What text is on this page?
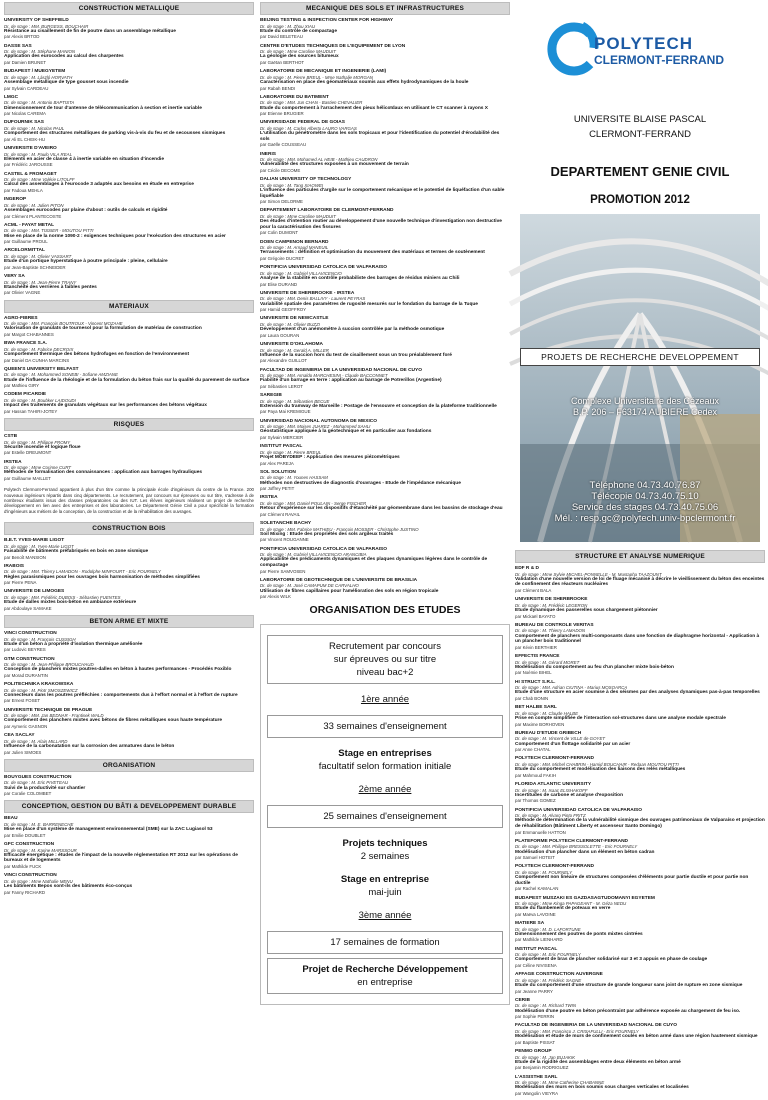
CONSTRUCTION METALLIQUE
UNIVERSITY OF SHEFFIELD
Dr. de stage : MM. BURGESS, BOUCHAIR
Résistance au cisaillement de fin de poutre dans un assemblage métallique
par Alexis BRTOD
DASSE SAS
Dr. de stage : M. Stéphane MANION
Application des eurocodes au calcul des charpentes
par Damien BRUNET
BUDAPEST / MUEGYETEM
Dr. de stage : M. László HORVATH
Assemblage métallique de type gousset sous incendie
par Sylvain CARDEAU
LMGC
Dr. de stage : M. Antonio BAPTISTA
Dimensionnement de tour d'antenne de télécommunication à section et inertie variable
par Nicolas CAREMA
DUFOURNIK SAS
Dr. de stage : M. Nicolas PAUL
Comportement des structures métalliques de parking vis-à-vis du feu et de secousses sismiques
par Ali EL CHEIK-HU
UNIVERSITE D'AVEIRO
Dr. de stage : M. Paulo VILA REAL
Eléments en acier de classe 4 à inertie variable en situation d'incendie
par Frédéric JAROUSSE
CASTEL & FROMAGET
Dr. de stage : Mme Valérie LITOLFF
Calcul des assemblages à l'eurocode 3 adaptés aux besoins en étude en entreprise
par Fadoua MEHLA
INGEROP
Dr. de stage : M. Julien PITON
Assemblages eurocodes par plaine d'about : outils de calculs et rigidité
par Clément PLANTECOSTE
ACML - FAYAT METAL
Dr. de stage : MM. TISSIER - MOUTOU PITTI
Mise en place de la norme 1090-2 : exigences techniques pour l'exécution des structures en acier
par Guillaume PROUL
ARCELORMITTAL
Dr. de stage : M. Olivier VASSART
Etude d'un portique hyperstatique à poutre principale : pleine, cellulaire
par Jean-Baptiste SCHNEIDER
VERY SA
Dr. de stage : M. Jean-Pierre TRANY
Etanchéité des verrières à faibles pentes
par Olivier VAGNE
MATERIAUX
AGRO-FIBRES
Dr. de stage : MM. François BOUTROUX - Vincent MOZAHE
Valorisation de granulats de tournesol pour la formulation de matériau de construction
par Margot CHABANNES
BWA FRANCE S.A.
Dr. de stage : M. Fabrice DECROIX
Comportement thermique des bétons hydrofuges en fonction de l'environnement
par Daniel DA CUNHA MARCINS
QUEEN'S UNIVERSITY BELFAST
Dr. de stage : M. Mohammed SONEBI - Sofiane AMZIANE
Etude de l'influence de la rhéologie et de la formulation du béton frais sur la qualité du parement de surface
par Mathieu GIRY
CODEM PICARDIE
Dr. de stage : M. Boubker LAIDOUDI
Impact des traitements de granulats végétaux sur les performances des bétons végétaux
par Hassan TAHIRI-JOTEY
RISQUES
CSTB
Dr. de stage : M. Philippe FROMY
Sécurité incendie et logique floue
par Estelle DREUMONT
IRSTEA
Dr. de stage : Mme Corinne CURT
Méthodes de formalisation des connaissances : application aux barrages hydrauliques
par Guillaume MAILLET
Polytech Clermont-Ferrand appartient à plus d'un titre comme la principale école d'ingénieurs du centre de la France. 200 nouveaux ingénieurs répartis dans cinq départements. Le recrutement, par concours sur épreuves ou sur titre, s'adresse à de nombreux étudiants issus des classes préparatoires ou des IUT. Les élèves ingénieurs réalisent un projet de recherche développement en lien avec des entreprises et des laboratoires. Le Département Génie Civil a pour spécificité la formation d'ingénieurs aux métiers de la conception, de la construction et de la réhabilitation des ouvrages.
CONSTRUCTION BOIS
B.E.T. YVES-MARIE LIGOT
Dr. de stage : M. Yves-Marie LIGOT
Faisabilité de bâtiments préfabriqués en bois en zone sismique
par Benoît MANSION
IRABOIS
Dr. de stage : MM. Thierry LAMADON - Rodolphe MINFOURT - Eric FOURNELY
Règles parasismiques pour les ouvrages bois harmonisation de méthodes simplifiées
par Pierre PENA
UNIVERSITE DE LIMOGES
Dr. de stage : MM. Frédéric DUBOIS - Sébastien FUENTES
Etude de dalles mixtes bois-béton en ambiance extérieure
par Abdoulaye SAMAKE
BETON ARME ET MIXTE
VINCI CONSTRUCTION
Dr. de stage : M. François CUSSIGH
Etude d'un béton à propriété d'isolation thermique améliorée
par Ludovic BEYRES
GTM CONSTRUCTION
Dr. de stage : M. Jean-Philippe BROUCHAUD
Conception de planchers mixtes poutres-dalles en béton à hautes performances - Procédés Foxiblo
par Morad DURANTIN
POLITECHNIKA KRAKOWSKA
Dr. de stage : M. Piotr SMOSZEWICZ
Connecteurs dans les poutres préfléchies : comportements dus à l'effort normal et à l'effort de rupture
par Ernest FOSET
UNIVERSITE TECHNIQUE DE PRAGUE
Dr. de stage : MM. Jan BEDNAR - Frantisek WALD
Comportement des planchers mixtes avec bétons de fibres métalliques sous haute température
par Aymeric GASNON
CEA SACLAY
Dr. de stage : M. Alain MILLARD
Influence de la carbonatation sur la corrosion des armatures dans le béton
par Julien SIMOES
ORGANISATION
BOUYGUES CONSTRUCTION
Dr. de stage : M. Eric PIVETEAU
Suivi de la productivité sur chantier
par Coralie COLOMBET
CONCEPTION, GESTION DU BÂTI & DEVELOPPEMENT DURABLE
BEAU
Dr. de stage : M. E. BARRENECHE
Mise en place d'un système de management environnemental (SME) sur la ZAC Lugiasol 53
par Emilie DOUBLET
GFC CONSTRUCTION
Dr. de stage : M. Karine MARSSOUR
Efficacité énergétique : études de l'impact de la nouvelle réglementation RT 2012 sur les opérations de bureaux et de logements
par Mathilde FUCK
VINCI CONSTRUCTION
Dr. de stage : Mme Nathalie MENU
Les bâtiments Bepos sont-ils des bâtiments éco-conçus
par Fanny RICHARD
MECANIQUE DES SOLS ET INFRASTRUCTURES
BEIJING TESTING & INSPECTION CENTER FOR HIGHWAY
Dr. de stage : M. Zhou XIAU
Etude du contrôle de compactage
par David BELETEAU
CENTRE D'ETUDES TECHNIQUES DE L'EQUIPEMENT DE LYON
Dr. de stage : Mme Caroline MAUDUIT
La géologie des sources bitumeux
par Gaëtan BERTHOT
LABORATOIRE DE MECANIQUE ET INGENIERIE (LAMI)
Dr. de stage : M. Pierre BREUL - Mme Nathalie MORGAN
Caractérisation en place des géomatériaux soumis aux effets hydrodynamiques de la houle
par Rabah BENDI
LABORATOIRE DU BATIMENT
Dr. de stage : MM. Jun CHAN - Bastien CHEVALIER
Etude du comportement à l'arrachement des pieux hélicoïdaux en utilisant le CT scanner à rayons X
par Etienne BRUGIER
UNIVERSIDADE FEDERAL DE GOIAS
Dr. de stage : M. Carlos Alberto LAURO VARGAS
L'utilisation du pénétrométre dans les sols tropicaux et pour l'identification du potentiel d'érodabilité des sols
par Gaëlle COUSSEAU
INERIS
Dr. de stage : MM. Mohamed AL HEIB - Mathieu CAUDRON
Vulnérabilité des structures exposées à un mouvement de terrain
par Cécile DECOME
DALIAN UNIVERSITY OF TECHNOLOGY
Dr. de stage : M. Tang XIAOWEI
L'influence des particules d'argile sur le comportement mécanique et le potentiel de liquéfaction d'un sable liquéfiable
par Simon DELORME
DEPARTEMENT LABORATOIRE DE CLERMONT-FERRAND
Dr. de stage : Mme Caroline MAUDUIT
Des études d'intention routier au développement d'une nouvelle technique d'investigation non destructive pour la caractérisation des fissures
par Colin DUMONT
DOEN CAMPENON BERNARD
Dr. de stage : M. Arnaud MANEUIL
Terrassements : définition et optimisation du mouvement des matériaux et termes de soutènement
par Grégoire DUCRET
PONTIFICIA UNIVERSIDAD CATOLICA DE VALPARAISO
Dr. de stage : M. Gabriel VILLAVICENCIO
Analyse de la stabilité en contrôle probabiliste des barrages de résidus miniers au Chili
par Elise DURAND
UNIVERSITE DE SHERBROOKE - IRSTEA
Dr. de stage : MM. Denis BALLIVY - Laurent PEYRAS
Variabilité spatiale des paramètres de rugosité mesurés sur le fondation du barrage de la Tuque
par Hamid GEOFFROY
UNIVERSITE DE NEWCASTLE
Dr. de stage : M. Olivier BUZZI
Développement d'un anémomètre à succion contrôlée par la méthode osmotique
par Laura GOURAN
UNIVERSITE D'OKLAHOMA
Dr. de stage : M. Gerald A. MILLER
Influence de la succion hors du test de cisaillement sous un trou préalablement foré
par Alexandre GUILLOT
FACULTAD DE INGENIERIA DE LA UNIVERSIDAD NACIONAL DE CUYO
Dr. de stage : MM. Arnaldo MARCHESINI - Claude BACCONNET
Fiabilité d'un barrage en terre : application au barrage de Potrerillos (Argentine)
par Sébastien LEROT
SAREGIB
Dr. de stage : M. Sébastien BECUE
Extension du tramway de Marseille : Postage de l'ensouvre et conception de la plateforme traditionnelle
par Paya Mai KREMIGUE
UNIVERSIDAD NACIONAL AUTONOMA DE MEXICO
Dr. de stage : MM. Moises JUAREZ - Mohammed SAHLI
Géostatistique appliquée à la géotechnique et en particulier aux fondations
par Sylvain MERCIER
INSTITUT PASCAL
Dr. de stage : M. Pierre BREUL
Projet MOBYDEEP : Application des mesures piézométriques
par Alex PAREJA
SOL SOLUTION
Dr. de stage : M. Younes HASSAM
Méthodes non destructives de diagnostic d'ouvrages - Etude de l'impédance mécanique
par Joffrey PETIT
IRSTEA
Dr. de stage : MM. Daniel POULAIN - Serge FISCHER
Retour d'expérience sur les dispositifs d'étanchéité par géomembrane dans les bassins de stockage d'eau
par Clément RAVAIL
SOLETANCHE BACHY
Dr. de stage : MM. Fabrice MATHIEU - François MOSSER - Christophe JUSTINO
Soil Mixing : Etude des propriétés des sols argileux traités
par Vincent ROUGANNE
PONTIFICIA UNIVERSIDAD CATOLICA DE VALPARAISO
Dr. de stage : M. Gabriel VILLAVICENCIO ARANCIBIA
Applicabilité des prédicaments dynamiques et des plaques dynamiques légères dans le contrôle de compactage
par Pierre SAMVOSEN
LABORATOIRE DE GEOTECHNIQUE DE L'UNIVERSITE DE BRASILIA
Dr. de stage : M. José CAMAPUM DE CARVALHO
Utilisation de fibres capillaires pour l'amélioration des sols en région tropicale
par Alexis WILK
ORGANISATION DES ETUDES
Recrutement par concours
sur épreuves ou sur titre
niveau bac+2
1ère année
33 semaines d'enseignement
Stage en entreprises
facultatif selon formation initiale
2ème année
25 semaines d'enseignement
Projets techniques
2 semaines
Stage en entreprise
mai-juin
3ème année
17 semaines de formation
Projet de Recherche Développement
en entreprise
POLYTECH
CLERMONT-FERRAND
UNIVERSITE BLAISE PASCAL
CLERMONT-FERRAND
DEPARTEMENT GENIE CIVIL
PROMOTION 2012
PROJETS DE RECHERCHE DEVELOPPEMENT
Complexe Universitaire des Cézeaux
B.P. 206 – F63174 AUBIERE Cedex
Téléphone 04.73.40.76.87
Télécopie 04.73.40.75.10
Service des stages 04.73.40.75.06
Mél. : resp.gc@polytech.univ-bpclermont.fr
STRUCTURE ET ANALYSE NUMERIQUE
EDF R & D
Dr. de stage : Mme Sylvie MICHEL-PONNELLE - M. Mustapha TAAZOUNT
Validation d'une nouvelle version de loi de fluage mécanisé à décrire le vieillissement du béton des enceintes de confinement des réacteurs nucléaires
par Clément BALA
UNIVERSITE DE SHERBROOKE
Dr. de stage : M. Frédéric LEGERON
Etude dynamique des passerelles sous chargement piétonnier
par Mickaël BAYATO
BUREAU DE CONTROLE VERITAS
Dr. de stage : M. Thierry LAMADON
Comportement de planchers multi-composants dans une fonction de diaphragme horizontal - Application à un plancher bois traditionnel
par Kévin BERTHIER
EFFECTIS FRANCE
Dr. de stage : M. Gérard MORET
Modélisation du comportement au feu d'un plancher mixte bois-béton
par Noémie BIHEL
HI STRUCT S.R.L.
Dr. de stage : MM. Adrian CIUTINA - Marius MOSOARCA
Etude d'une structure en acier soumise à des séismes par des analyses dynamiques pas-à-pas temporelles
par Chab BONIN
BET HALBE SARL
Dr. de stage : M. Claude HALBE
Prise en compte simplifiée de l'interaction sol-structures dans une analyse modale spectrale
par Maxime BORHOVEN
BUREAU D'ETUDE GRIBECH
Dr. de stage : M. Vincent de VILLE de GOYET
Comportement d'un flottage solidarité par un acier
par Anne CHATAL
POLYTECH CLERMONT-FERRAND
Dr. de stage : MM. Michel CHABRIN - Hamid BOUCHAIR - Redaan MOUTOU PITTI
Etude du comportement et modélisation des liaisons des relés métalliques
par Mahmoud FAKIH
FLORIDA ATLANTIC UNIVERSITY
Dr. de stage : M. Isaac ELISHAKOFF
Incertitudes de carbone et analyse d'exposition
par Thomas GOMEZ
PONTIFICIA UNIVERSIDAD CATOLICA DE VALPARAISO
Dr. de stage : M. Alvaro Pinto FRITZ
Méthode de détermination de la vulnérabilité sismique des ouvrages patrimoniaux de Valparaíso et projection de réhabilitation (Bâtiment Liberty et ascenseur Santo Domingo)
par Emmanuelle HATTON
PLATEFORME POLYTECH CLERMONT-FERRAND
Dr. de stage : MM. Philippe BRESSOLETTE - Eric FOURNELY
Modélisation d'un plancher dans un élément en béton cadran
par Samuel HOTEIT
POLYTECH CLERMONT-FERRAND
Dr. de stage : M. FOURNELY
Comportement non linéaire de structures composées d'éléments pour partie ductile et pour partie non ductile
par Rachel KAMALAN
BUDAPEST MUSZAKI ES GAZDASAGTUDOMANYI EGYETEM
Dr. de stage : Mme Kinga PAPAGEANT - M. Géza NEDU
Etude du flambement de poteaux en verre
par Maëva LAVOINE
MATIERE SA
Dr. de stage : M. D. LAFORTUNE
Dimensionnement des poutres de ponts mixtes cintrées
par Mathilde LIENHARD
INSTITUT PASCAL
Dr. de stage : M. Eric FOURNELY
Comportement de bras de plancher solidarisé sur 3 et 3 appuis en phase de coulage
par Céline NIVISENA
AFFAGE CONSTRUCTION AUVERGNE
Dr. de stage : M. Frédéric SAGNE
Etude du comportement d'une structure de grande longueur sans joint de rupture en zone sismique
par Jeanne PARRY
CERIB
Dr. de stage : M. Richard TWIN
Modélisation d'une poutre en béton précontraint par adhérence exposée au chargement de feu iso.
par Sophie PERRIN
FACULTAD DE INGENIERIA DE LA UNIVERSIDAD NACIONAL DE CUYO
Dr. de stage : MM. Francisco J. CRISAFULLI - Eric FOURNELY
Modélisation et étude de murs de confinement coulés en béton armé dans une région hautement sismique
par Baptiste PISSAT
PENMO GROUP
Dr. de stage : M. Jan BUJAKIK
Etude de la rigidité des assemblages entre deux éléments en béton armé
par Benjamin RODRIGUEZ
L'ASSISTHE SARL
Dr. de stage : M. Mme Catherine CHABANNE
Modélisation des murs en bois soumis sous charges verticales et localisées
par Wangolin VIEYRA
